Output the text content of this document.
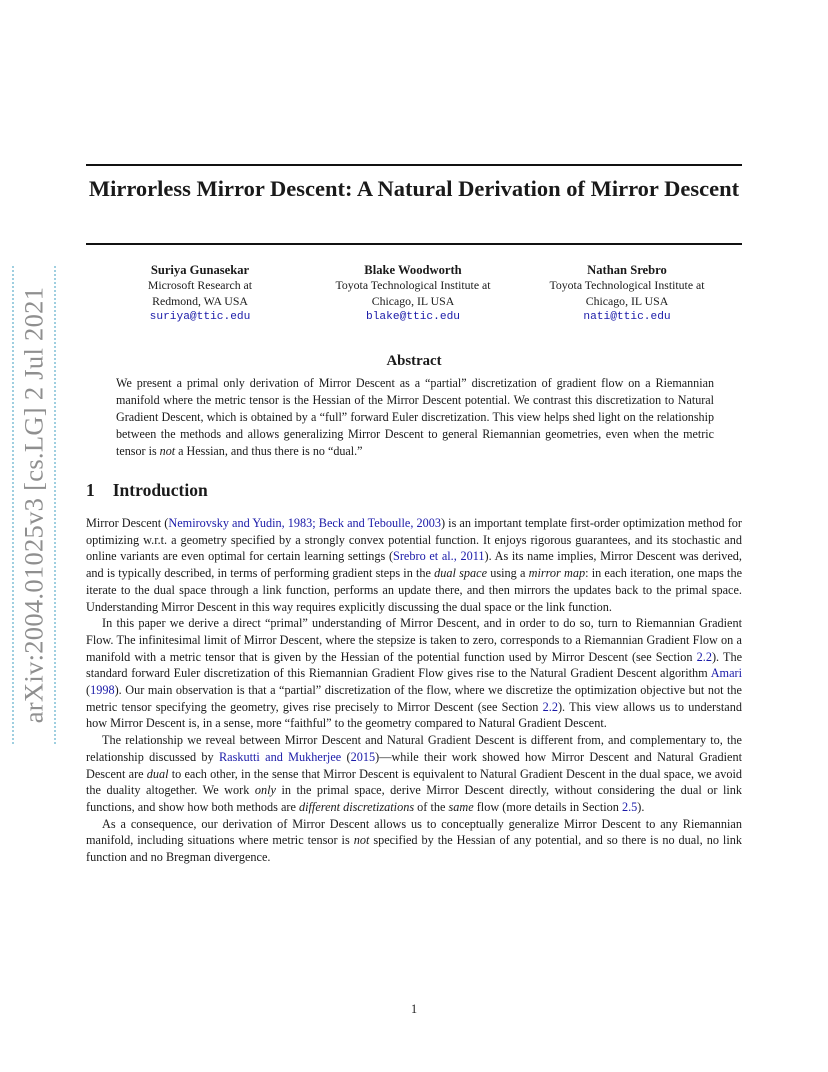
arXiv:2004.01025v3 [cs.LG] 2 Jul 2021
Mirrorless Mirror Descent: A Natural Derivation of Mirror Descent
Suriya Gunasekar
Microsoft Research at
Redmond, WA USA
suriya@ttic.edu
Blake Woodworth
Toyota Technological Institute at
Chicago, IL USA
blake@ttic.edu
Nathan Srebro
Toyota Technological Institute at
Chicago, IL USA
nati@ttic.edu
Abstract

We present a primal only derivation of Mirror Descent as a “partial” discretization of gradient flow on a Riemannian manifold where the metric tensor is the Hessian of the Mirror Descent potential. We contrast this discretization to Natural Gradient Descent, which is obtained by a “full” forward Euler discretization. This view helps shed light on the relationship between the methods and allows generalizing Mirror Descent to general Riemannian geometries, even when the metric tensor is not a Hessian, and thus there is no “dual.”

1 Introduction

Mirror Descent (Nemirovsky and Yudin, 1983; Beck and Teboulle, 2003) is an important template first-order optimization method for optimizing w.r.t. a geometry specified by a strongly convex potential function. It enjoys rigorous guarantees, and its stochastic and online variants are even optimal for certain learning settings (Srebro et al., 2011). As its name implies, Mirror Descent was derived, and is typically described, in terms of performing gradient steps in the dual space using a mirror map: in each iteration, one maps the iterate to the dual space through a link function, performs an update there, and then mirrors the updates back to the primal space. Understanding Mirror Descent in this way requires explicitly discussing the dual space or the link function.

In this paper we derive a direct “primal” understanding of Mirror Descent, and in order to do so, turn to Riemannian Gradient Flow. The infinitesimal limit of Mirror Descent, where the stepsize is taken to zero, corresponds to a Riemannian Gradient Flow on a manifold with a metric tensor that is given by the Hessian of the potential function used by Mirror Descent (see Section 2.2). The standard forward Euler discretization of this Riemannian Gradient Flow gives rise to the Natural Gradient Descent algorithm Amari (1998). Our main observation is that a “partial” discretization of the flow, where we discretize the optimization objective but not the metric tensor specifying the geometry, gives rise precisely to Mirror Descent (see Section 2.2). This view allows us to understand how Mirror Descent is, in a sense, more “faithful” to the geometry compared to Natural Gradient Descent.

The relationship we reveal between Mirror Descent and Natural Gradient Descent is different from, and complementary to, the relationship discussed by Raskutti and Mukherjee (2015)—while their work showed how Mirror Descent and Natural Gradient Descent are dual to each other, in the sense that Mirror Descent is equivalent to Natural Gradient Descent in the dual space, we avoid the duality altogether. We work only in the primal space, derive Mirror Descent directly, without considering the dual or link functions, and show how both methods are different discretizations of the same flow (more details in Section 2.5).

As a consequence, our derivation of Mirror Descent allows us to conceptually generalize Mirror Descent to any Riemannian manifold, including situations where metric tensor is not specified by the Hessian of any potential, and so there is no dual, no link function and no Bregman divergence.

1
